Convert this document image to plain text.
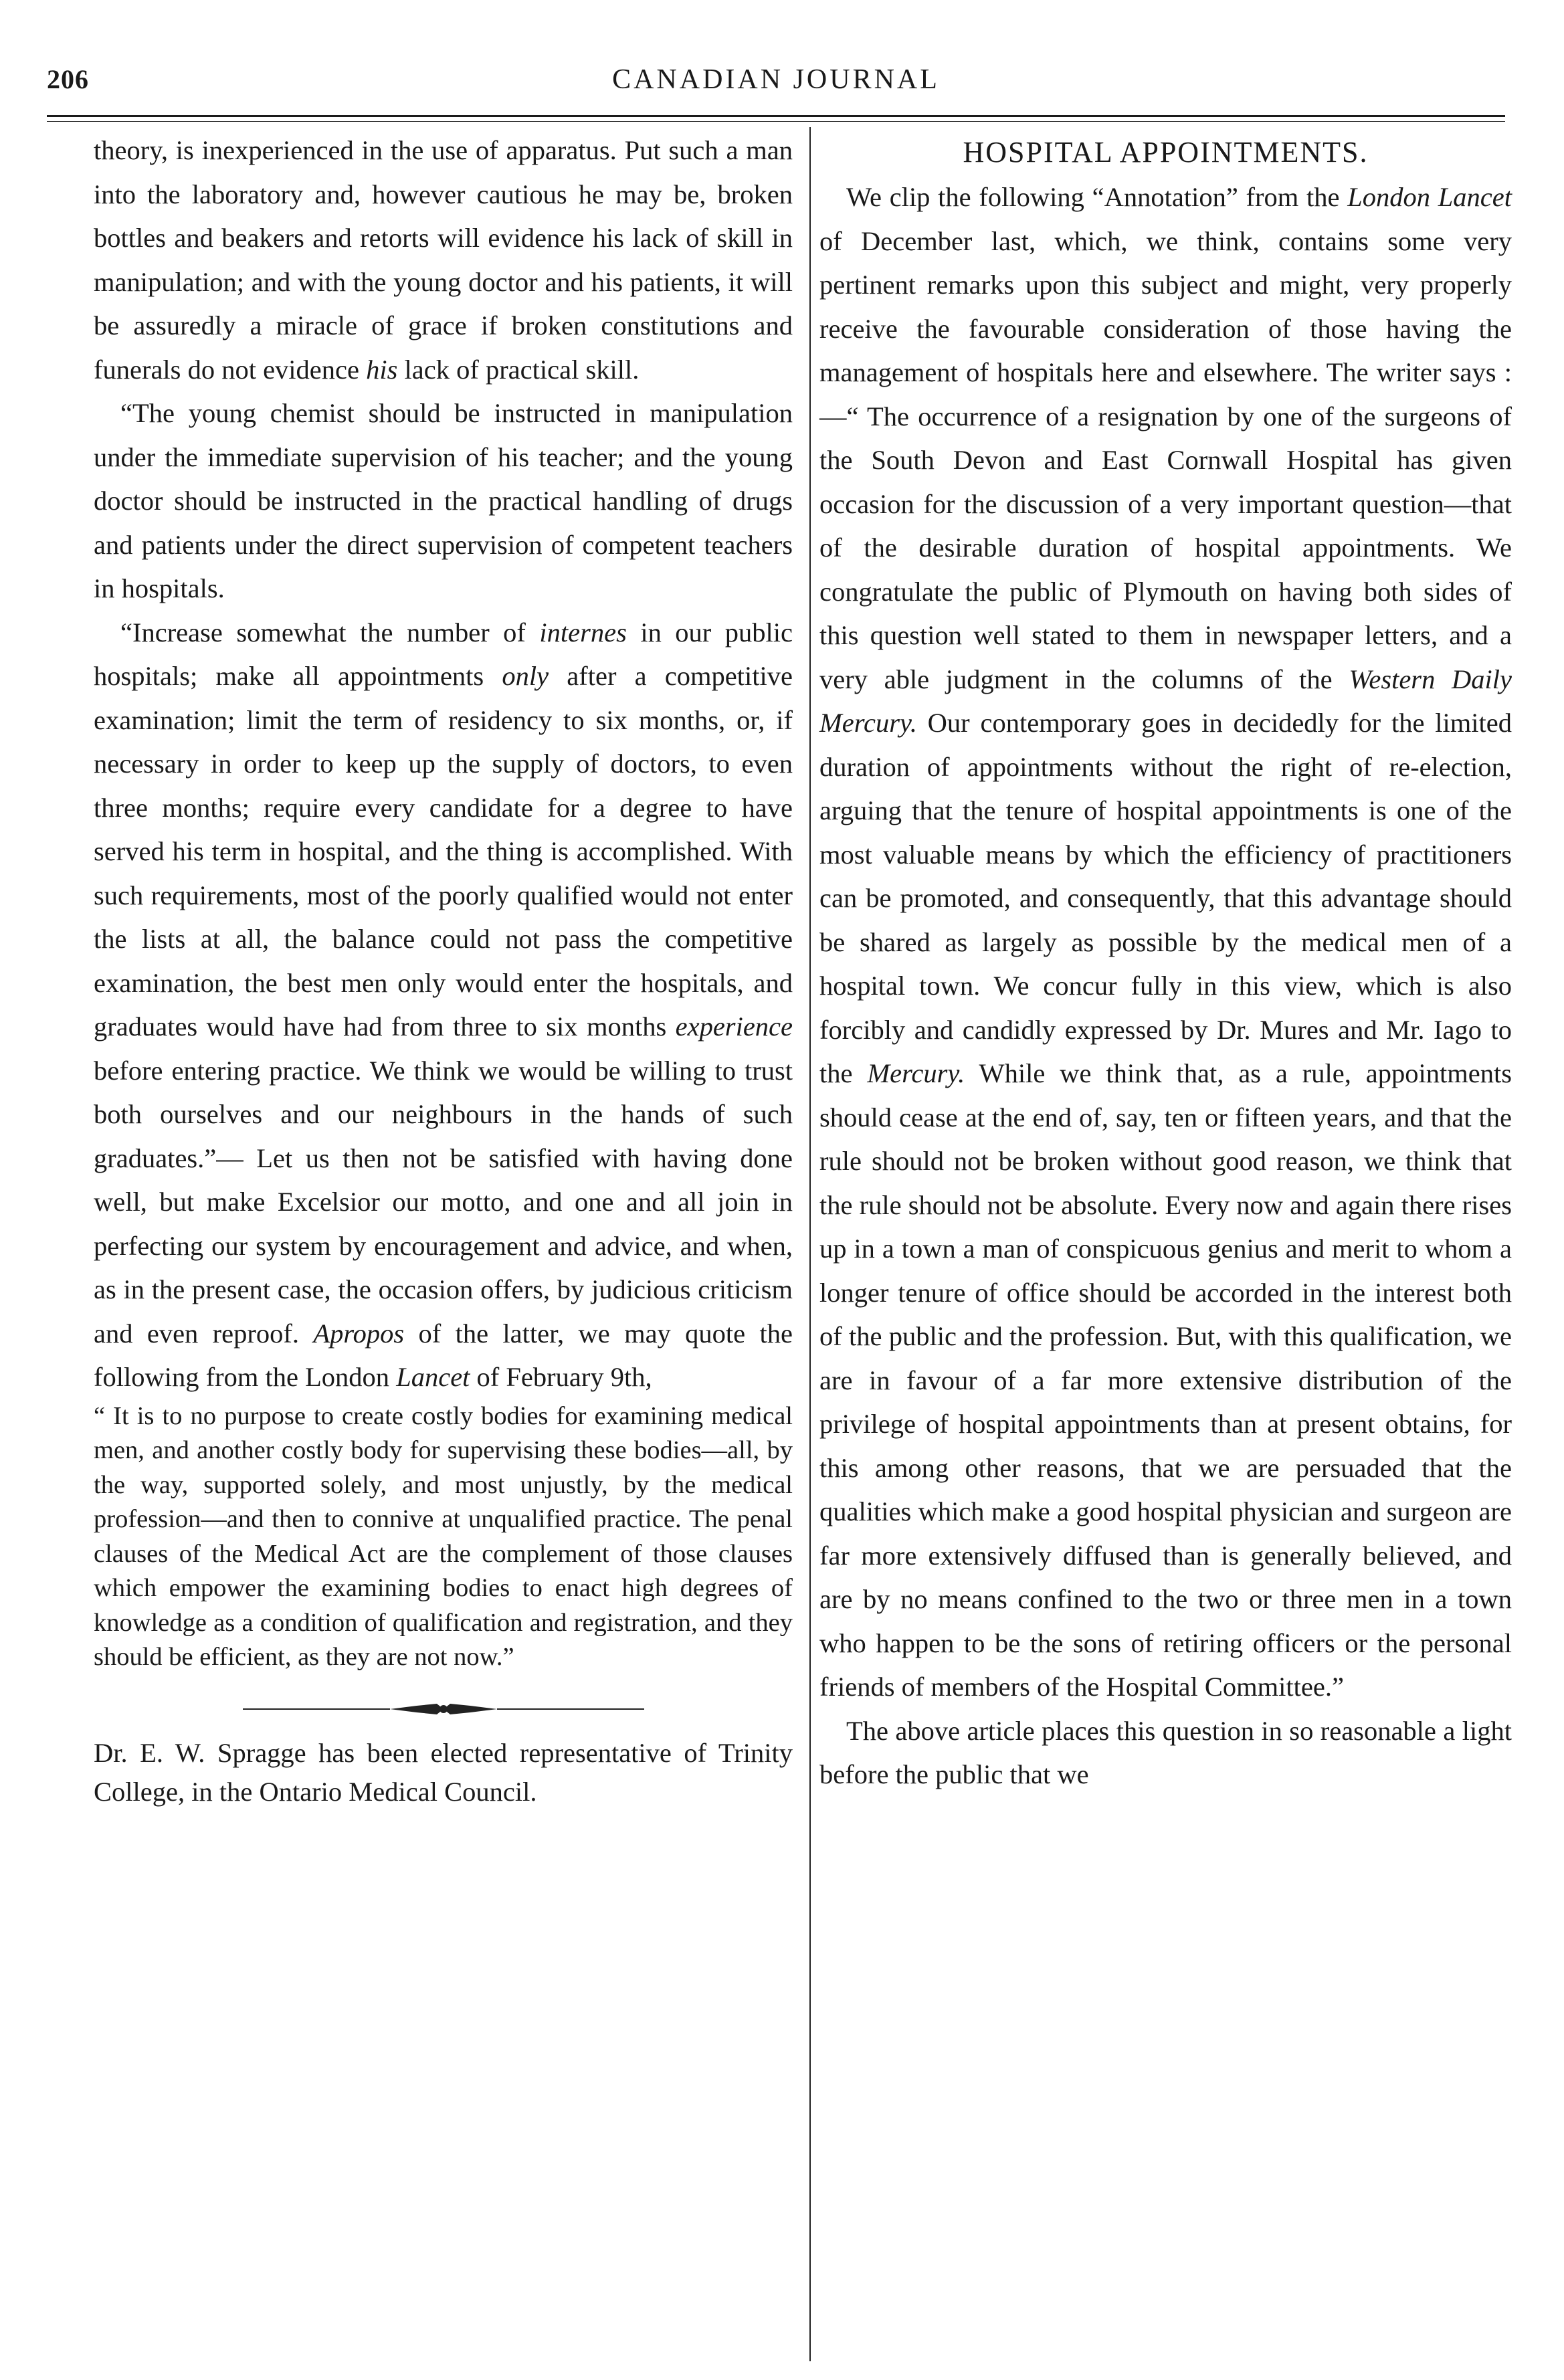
206	CANADIAN JOURNAL

theory, is inexperienced in the use of apparatus. Put such a man into the laboratory and, however cautious he may be, broken bottles and beakers and retorts will evidence his lack of skill in manipulation; and with the young doctor and his patients, it will be assuredly a miracle of grace if broken constitutions and funerals do not evidence his lack of practical skill.

“The young chemist should be instructed in manipulation under the immediate supervision of his teacher; and the young doctor should be instructed in the practical handling of drugs and patients under the direct supervision of competent teachers in hospitals.

“Increase somewhat the number of internes in our public hospitals; make all appointments only after a competitive examination; limit the term of residency to six months, or, if necessary in order to keep up the supply of doctors, to even three months; require every candidate for a degree to have served his term in hospital, and the thing is accomplished. With such requirements, most of the poorly qualified would not enter the lists at all, the balance could not pass the competitive examination, the best men only would enter the hospitals, and graduates would have had from three to six months experience before entering practice. We think we would be willing to trust both ourselves and our neighbours in the hands of such graduates.”— Let us then not be satisfied with having done well, but make Excelsior our motto, and one and all join in perfecting our system by encouragement and advice, and when, as in the present case, the occasion offers, by judicious criticism and even reproof. Apropos of the latter, we may quote the following from the London Lancet of February 9th,

“ It is to no purpose to create costly bodies for examining medical men, and another costly body for supervising these bodies—all, by the way, supported solely, and most unjustly, by the medical profession—and then to connive at unqualified practice. The penal clauses of the Medical Act are the complement of those clauses which empower the examining bodies to enact high degrees of knowledge as a condition of qualification and registration, and they should be efficient, as they are not now.”

Dr. E. W. Spragge has been elected representative of Trinity College, in the Ontario Medical Council.

HOSPITAL APPOINTMENTS.

We clip the following “Annotation” from the London Lancet of December last, which, we think, contains some very pertinent remarks upon this subject and might, very properly receive the favourable consideration of those having the management of hospitals here and elsewhere. The writer says :—“ The occurrence of a resignation by one of the surgeons of the South Devon and East Cornwall Hospital has given occasion for the discussion of a very important question—that of the desirable duration of hospital appointments. We congratulate the public of Plymouth on having both sides of this question well stated to them in newspaper letters, and a very able judgment in the columns of the Western Daily Mercury. Our contemporary goes in decidedly for the limited duration of appointments without the right of re-election, arguing that the tenure of hospital appointments is one of the most valuable means by which the efficiency of practitioners can be promoted, and consequently, that this advantage should be shared as largely as possible by the medical men of a hospital town. We concur fully in this view, which is also forcibly and candidly expressed by Dr. Mures and Mr. Iago to the Mercury. While we think that, as a rule, appointments should cease at the end of, say, ten or fifteen years, and that the rule should not be broken without good reason, we think that the rule should not be absolute. Every now and again there rises up in a town a man of conspicuous genius and merit to whom a longer tenure of office should be accorded in the interest both of the public and the profession. But, with this qualification, we are in favour of a far more extensive distribution of the privilege of hospital appointments than at present obtains, for this among other reasons, that we are persuaded that the qualities which make a good hospital physician and surgeon are far more extensively diffused than is generally believed, and are by no means confined to the two or three men in a town who happen to be the sons of retiring officers or the personal friends of members of the Hospital Committee.”

The above article places this question in so reasonable a light before the public that we
